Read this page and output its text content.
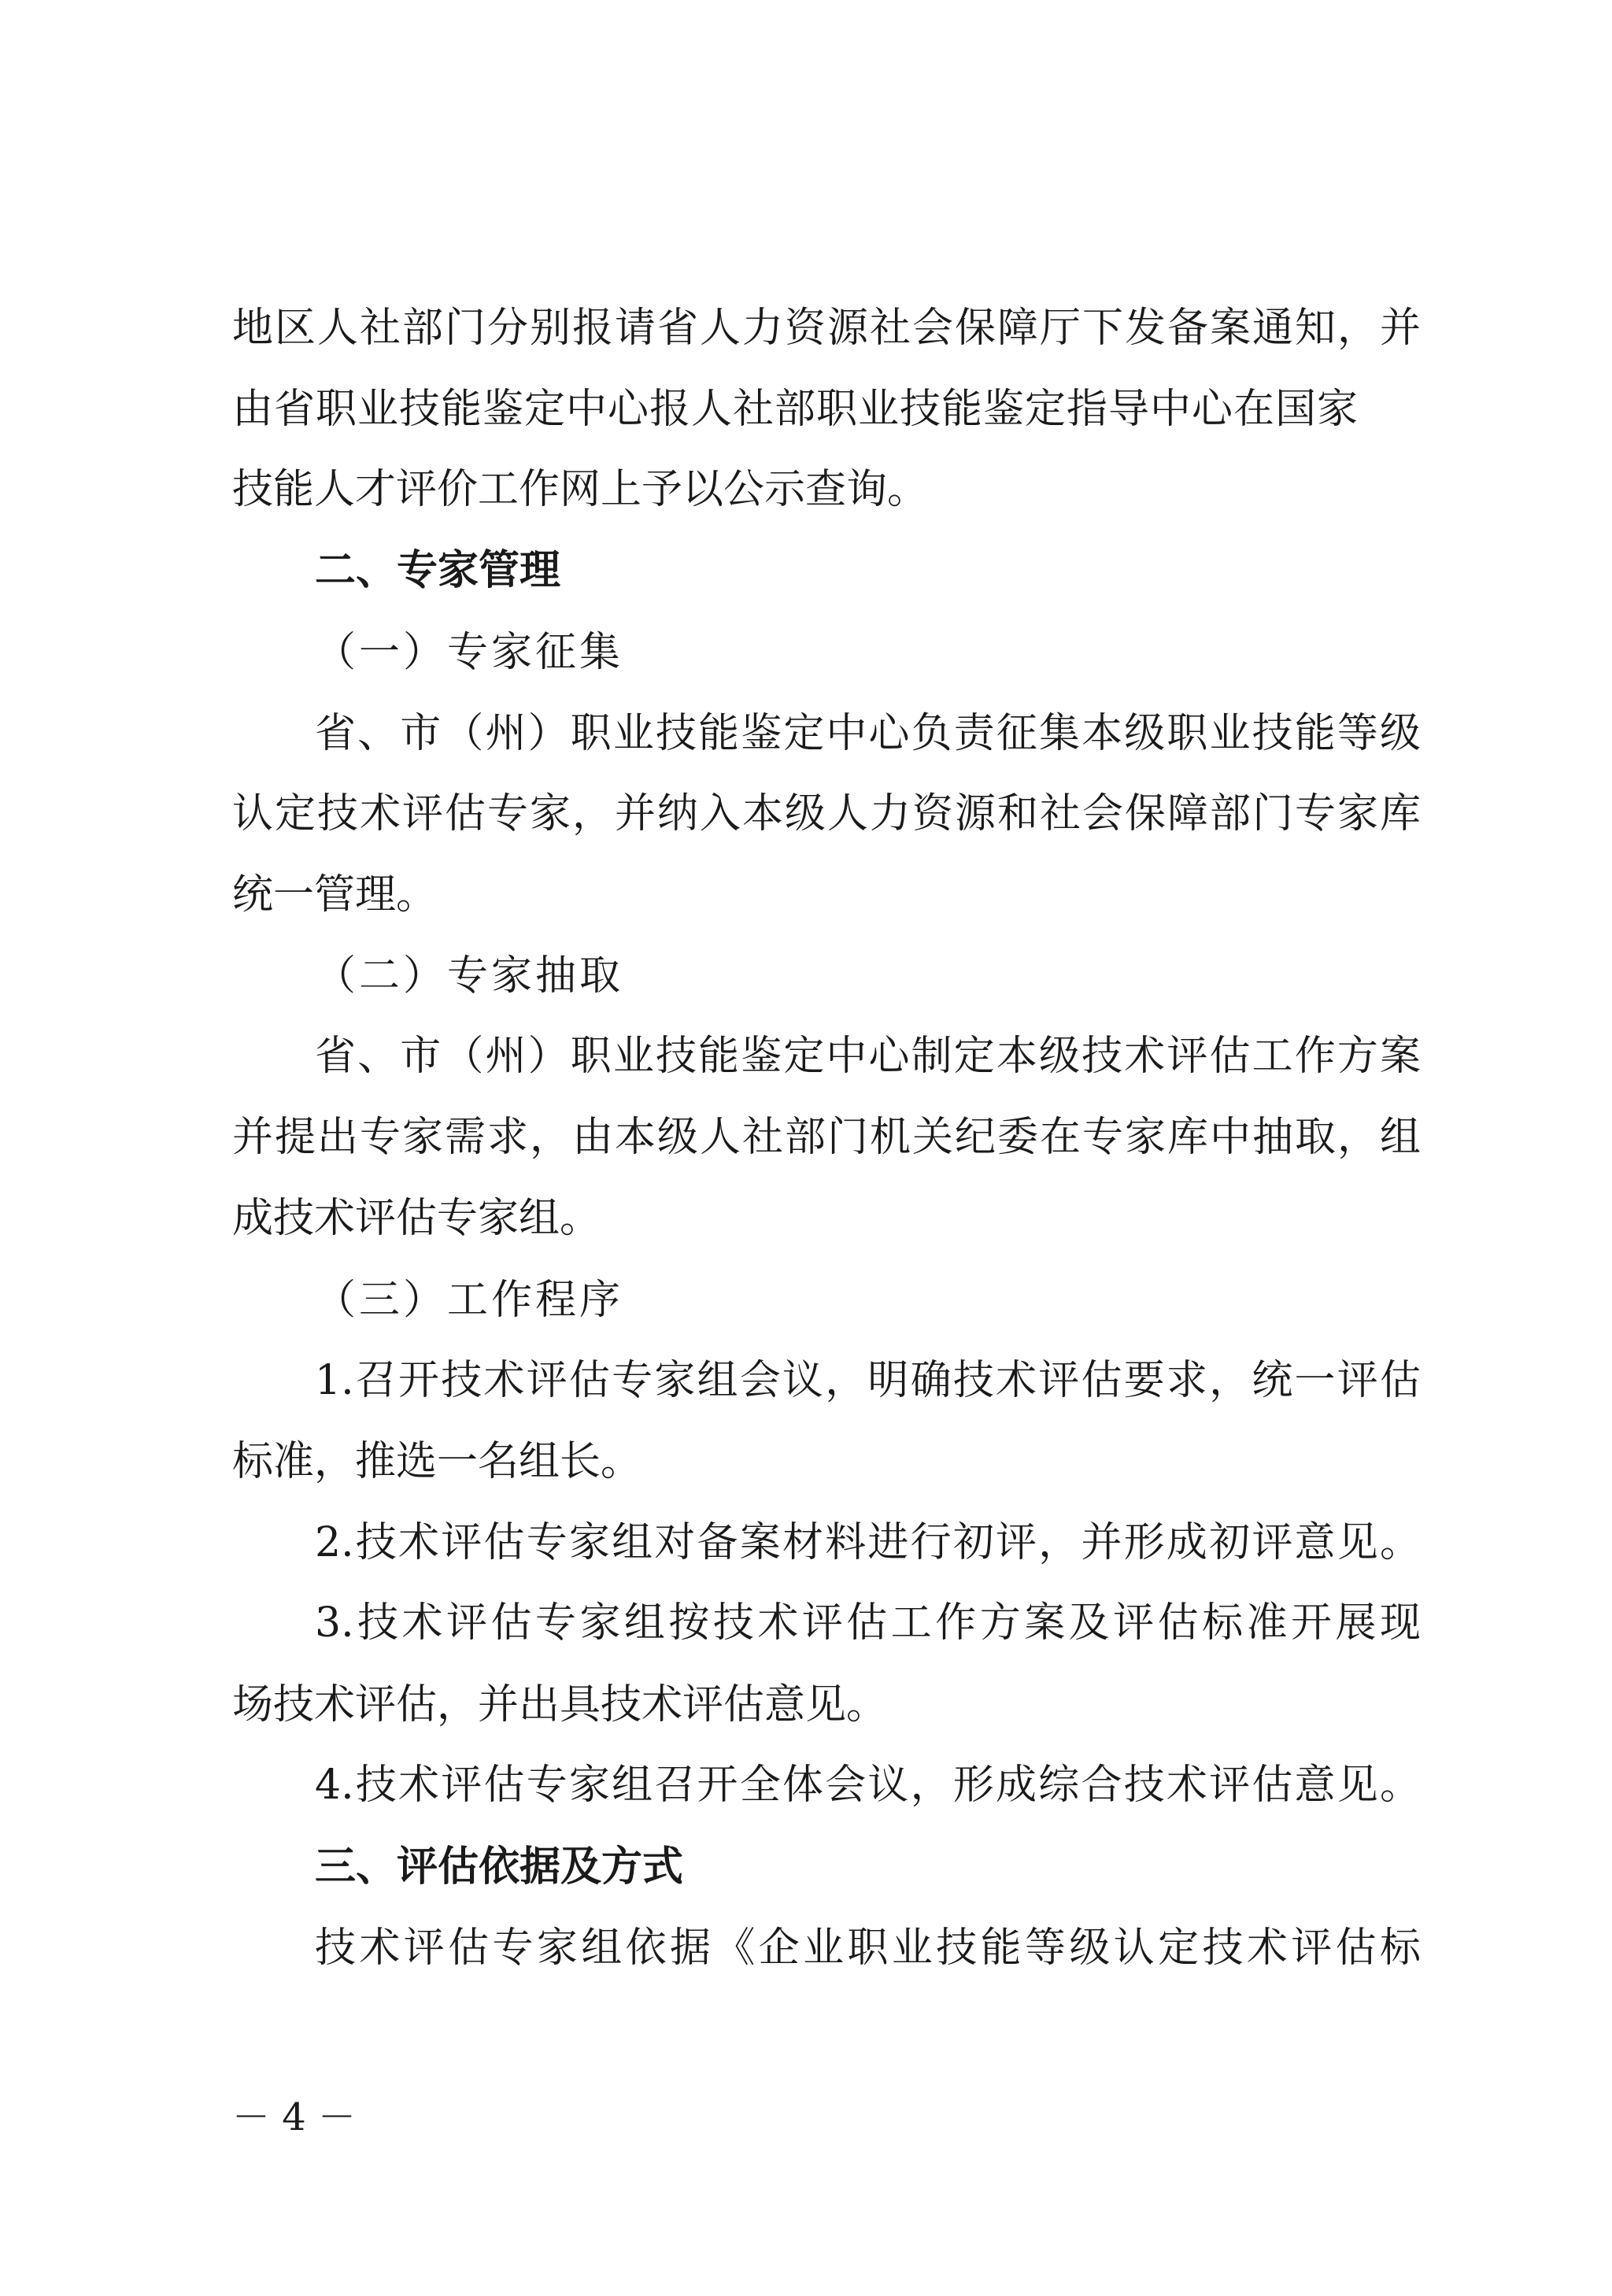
地区人社部门分别报请省人力资源社会保障厅下发备案通知，并
由省职业技能鉴定中心报人社部职业技能鉴定指导中心在国家
技能人才评价工作网上予以公示查询。
二、专家管理
（一）专家征集
省、市（州）职业技能鉴定中心负责征集本级职业技能等级
认定技术评估专家，并纳入本级人力资源和社会保障部门专家库
统一管理。
（二）专家抽取
省、市（州）职业技能鉴定中心制定本级技术评估工作方案
并提出专家需求，由本级人社部门机关纪委在专家库中抽取，组
成技术评估专家组。
（三）工作程序
1.召开技术评估专家组会议，明确技术评估要求，统一评估
标准，推选一名组长。
2.技术评估专家组对备案材料进行初评，并形成初评意见。
3.技术评估专家组按技术评估工作方案及评估标准开展现
场技术评估，并出具技术评估意见。
4.技术评估专家组召开全体会议，形成综合技术评估意见。
三、评估依据及方式
技术评估专家组依据《企业职业技能等级认定技术评估标
－ 4 －
